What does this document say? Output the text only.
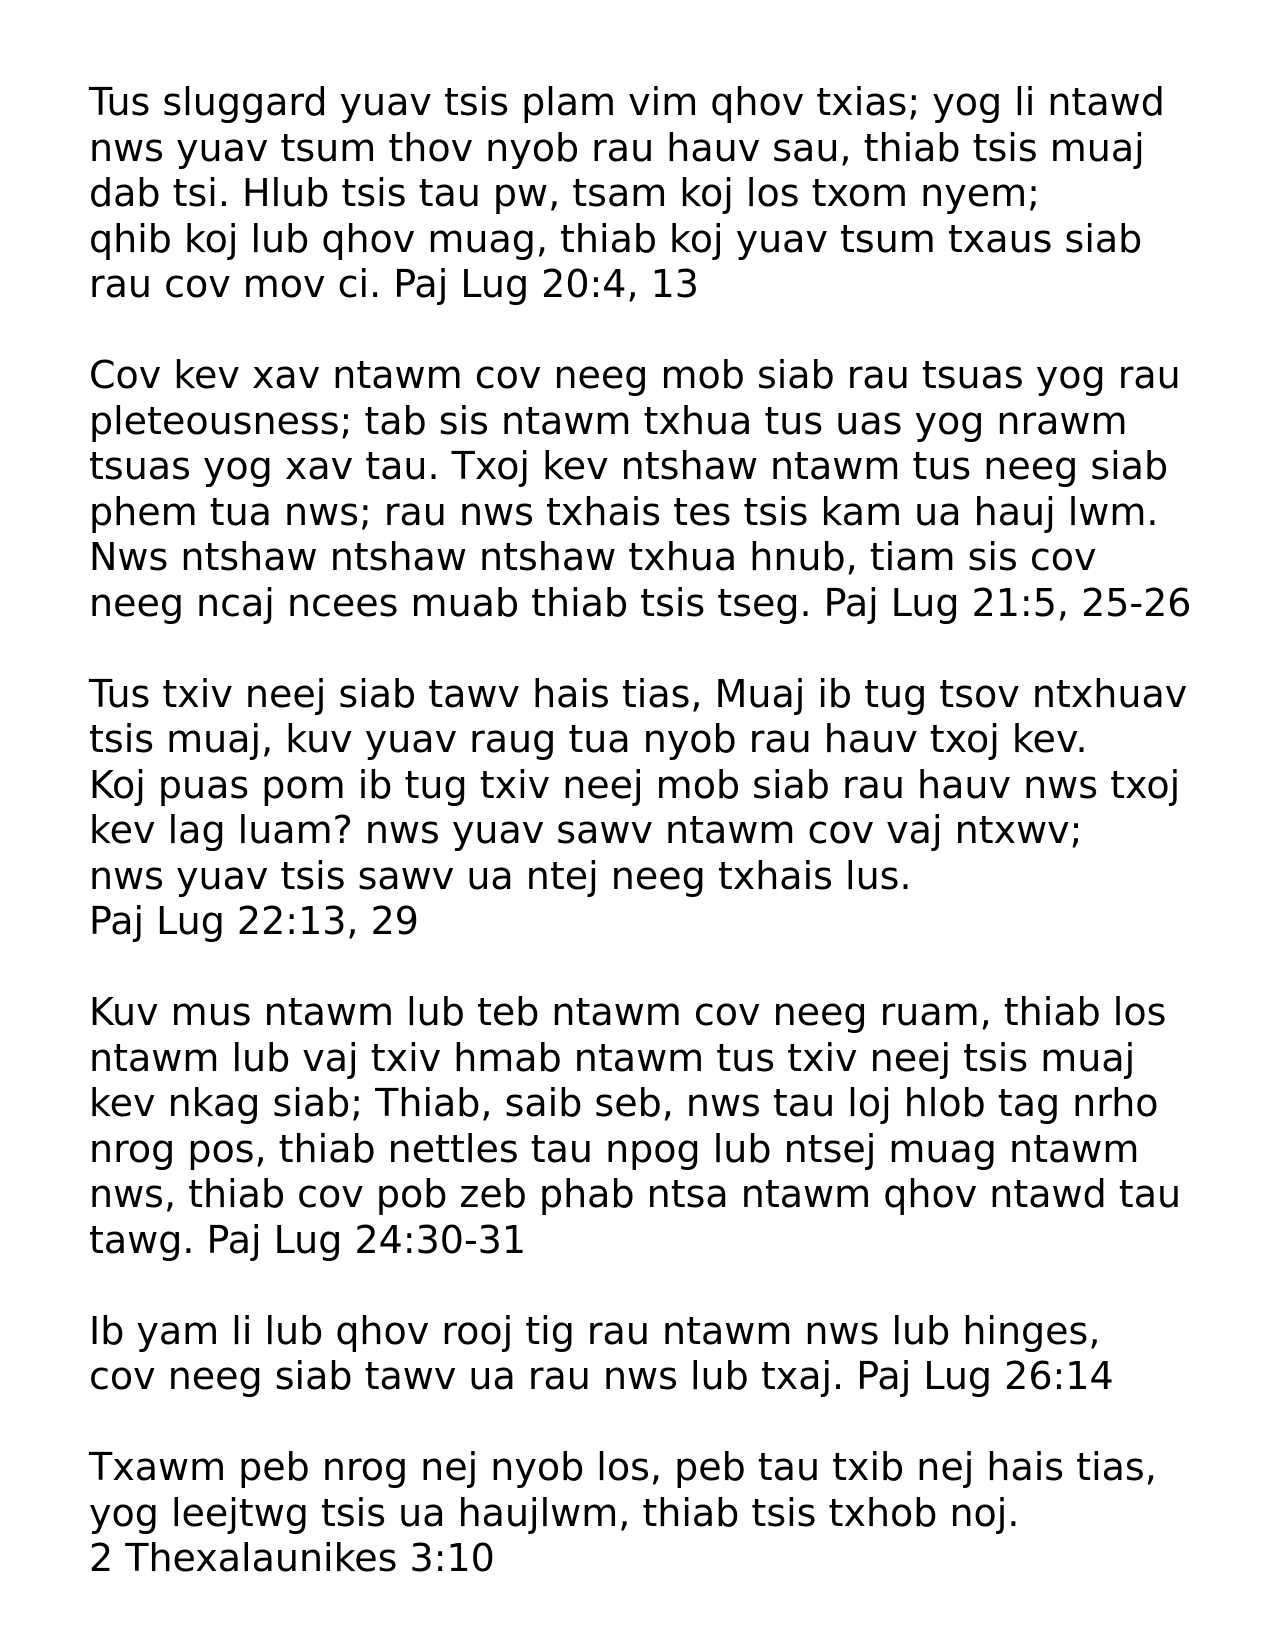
Tus sluggard yuav tsis plam vim qhov txias; yog li ntawd
nws yuav tsum thov nyob rau hauv sau, thiab tsis muaj
dab tsi. Hlub tsis tau pw, tsam koj los txom nyem;
qhib koj lub qhov muag, thiab koj yuav tsum txaus siab
rau cov mov ci. Paj Lug 20:4, 13
Cov kev xav ntawm cov neeg mob siab rau tsuas yog rau
pleteousness; tab sis ntawm txhua tus uas yog nrawm
tsuas yog xav tau. Txoj kev ntshaw ntawm tus neeg siab
phem tua nws; rau nws txhais tes tsis kam ua hauj lwm.
Nws ntshaw ntshaw ntshaw txhua hnub, tiam sis cov
neeg ncaj ncees muab thiab tsis tseg. Paj Lug 21:5, 25-26
Tus txiv neej siab tawv hais tias, Muaj ib tug tsov ntxhuav
tsis muaj, kuv yuav raug tua nyob rau hauv txoj kev.
Koj puas pom ib tug txiv neej mob siab rau hauv nws txoj
kev lag luam? nws yuav sawv ntawm cov vaj ntxwv;
nws yuav tsis sawv ua ntej neeg txhais lus.
Paj Lug 22:13, 29
Kuv mus ntawm lub teb ntawm cov neeg ruam, thiab los
ntawm lub vaj txiv hmab ntawm tus txiv neej tsis muaj
kev nkag siab; Thiab, saib seb, nws tau loj hlob tag nrho
nrog pos, thiab nettles tau npog lub ntsej muag ntawm
nws, thiab cov pob zeb phab ntsa ntawm qhov ntawd tau
tawg. Paj Lug 24:30-31
Ib yam li lub qhov rooj tig rau ntawm nws lub hinges,
cov neeg siab tawv ua rau nws lub txaj. Paj Lug 26:14
Txawm peb nrog nej nyob los, peb tau txib nej hais tias,
yog leejtwg tsis ua haujlwm, thiab tsis txhob noj.
2 Thexalaunikes 3:10
